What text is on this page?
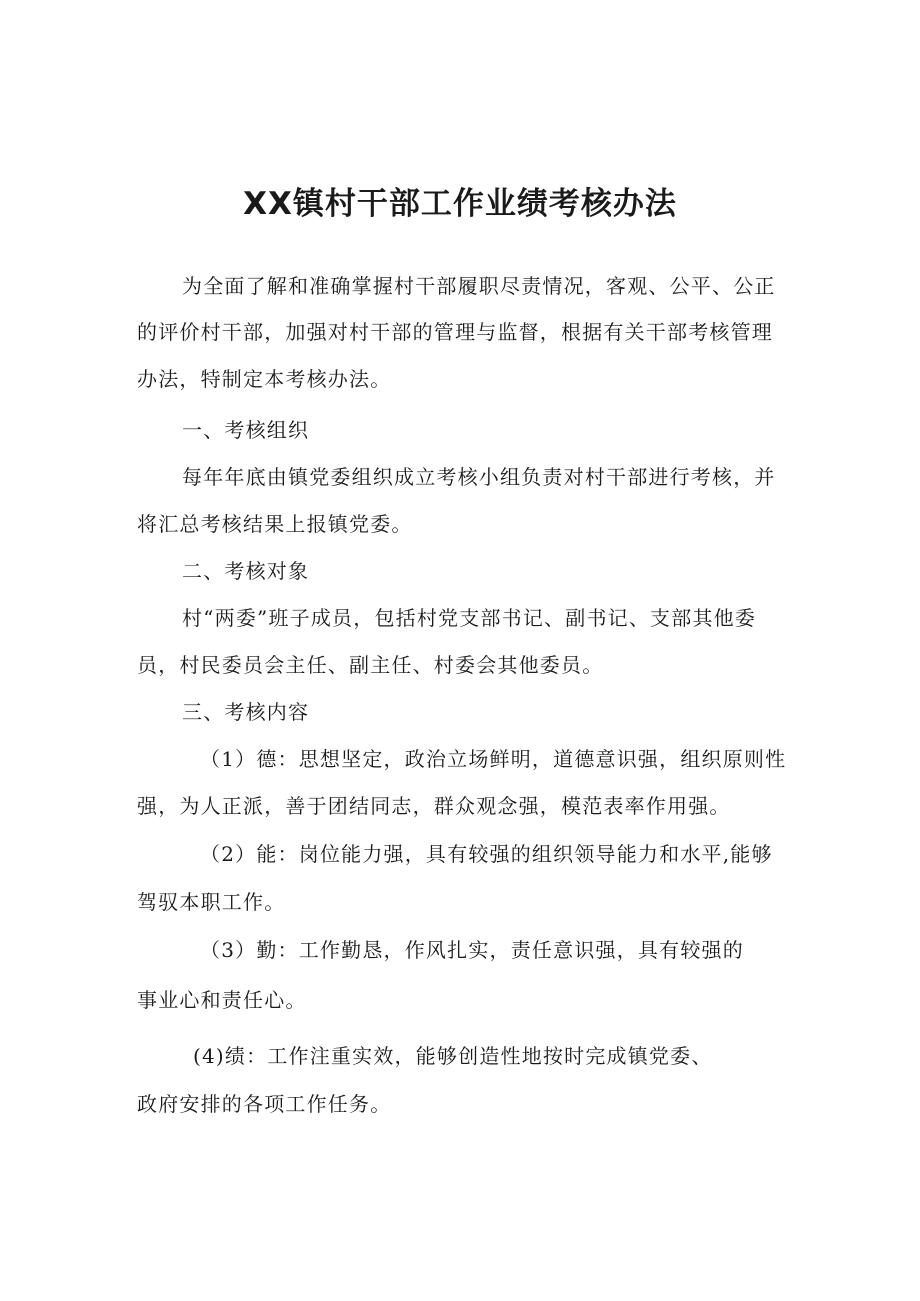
XX镇村干部工作业绩考核办法
为全面了解和准确掌握村干部履职尽责情况，客观、公平、公正
的评价村干部，加强对村干部的管理与监督，根据有关干部考核管理
办法，特制定本考核办法。
一、考核组织
每年年底由镇党委组织成立考核小组负责对村干部进行考核，并
将汇总考核结果上报镇党委。
二、考核对象
村“两委”班子成员，包括村党支部书记、副书记、支部其他委
员，村民委员会主任、副主任、村委会其他委员。
三、考核内容
（1）德：思想坚定，政治立场鲜明，道德意识强，组织原则性
强，为人正派，善于团结同志，群众观念强，模范表率作用强。
（2）能：岗位能力强，具有较强的组织领导能力和水平,能够
驾驭本职工作。
（3）勤：工作勤恳，作风扎实，责任意识强，具有较强的
事业心和责任心。
(4)绩：工作注重实效，能够创造性地按时完成镇党委、
政府安排的各项工作任务。
